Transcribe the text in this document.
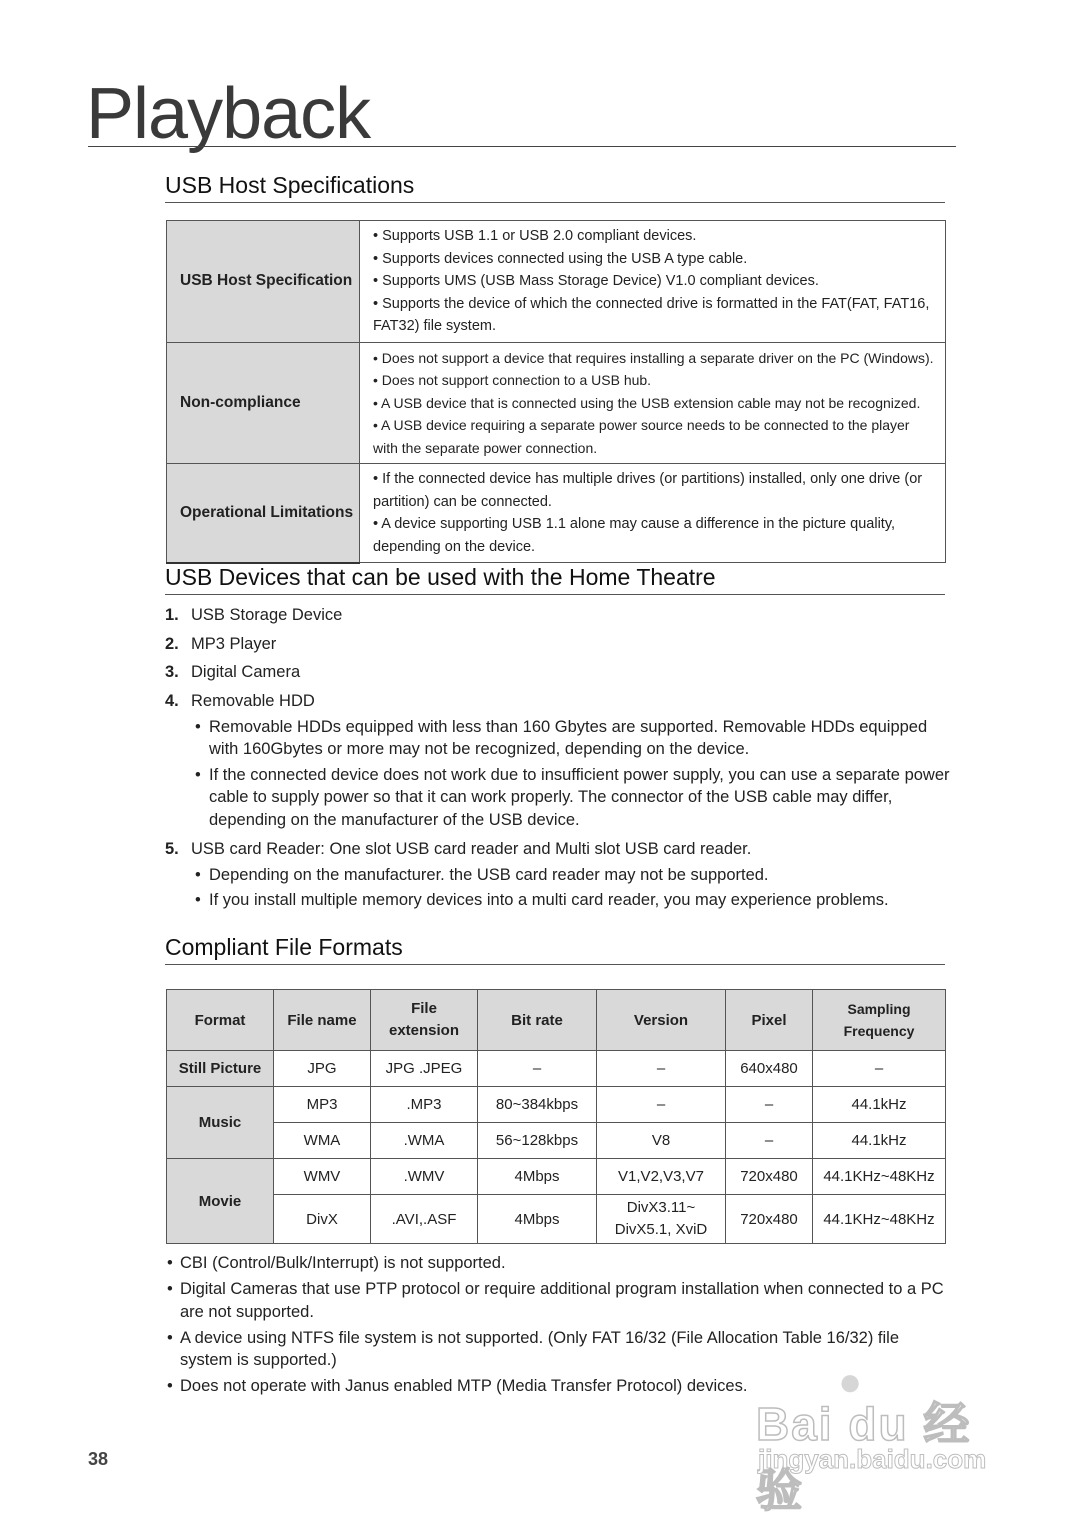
Playback
USB Host Specifications
USB Host Specification	• Supports USB 1.1 or USB 2.0 compliant devices.
• Supports devices connected using the USB A type cable.
• Supports UMS (USB Mass Storage Device) V1.0 compliant devices.
• Supports the device of which the connected drive is formatted in the FAT(FAT, FAT16, FAT32) file system.

Non-compliance	• Does not support a device that requires installing a separate driver on the PC (Windows).
• Does not support connection to a USB hub.
• A USB device that is connected using the USB extension cable may not be recognized.
• A USB device requiring a separate power source needs to be connected to the player with the separate power connection.

Operational Limitations	• If the connected device has multiple drives (or partitions) installed, only one drive (or partition) can be connected.
• A device supporting USB 1.1 alone may cause a difference in the picture quality, depending on the device.
USB Devices that can be used with the Home Theatre
1. USB Storage Device
2. MP3 Player
3. Digital Camera
4. Removable HDD
• Removable HDDs equipped with less than 160 Gbytes are supported. Removable HDDs equipped with 160Gbytes or more may not be recognized, depending on the device.
• If the connected device does not work due to insufficient power supply, you can use a separate power cable to supply power so that it can work properly. The connector of the USB cable may differ, depending on the manufacturer of the USB device.
5. USB card Reader: One slot USB card reader and Multi slot USB card reader.
• Depending on the manufacturer. the USB card reader may not be supported.
• If you install multiple memory devices into a multi card reader, you may experience problems.
Compliant File Formats
Format	File name	File
extension	Bit rate	Version	Pixel	Sampling
Frequency

Still Picture	JPG	JPG .JPEG	–	–	640x480	–
Music	MP3	.MP3	80~384kbps	–	–	44.1kHz
	WMA	.WMA	56~128kbps	V8	–	44.1kHz
Movie	WMV	.WMV	4Mbps	V1,V2,V3,V7	720x480	44.1KHz~48KHz
	DivX	.AVI,.ASF	4Mbps	DivX3.11~
DivX5.1, XviD	720x480	44.1KHz~48KHz
• CBI (Control/Bulk/Interrupt) is not supported.
• Digital Cameras that use PTP protocol or require additional program installation when connected to a PC are not supported.
• A device using NTFS file system is not supported. (Only FAT 16/32 (File Allocation Table 16/32) file system is supported.)
• Does not operate with Janus enabled MTP (Media Transfer Protocol) devices.
38
●
Bai du 经验
jingyan.baidu.com
